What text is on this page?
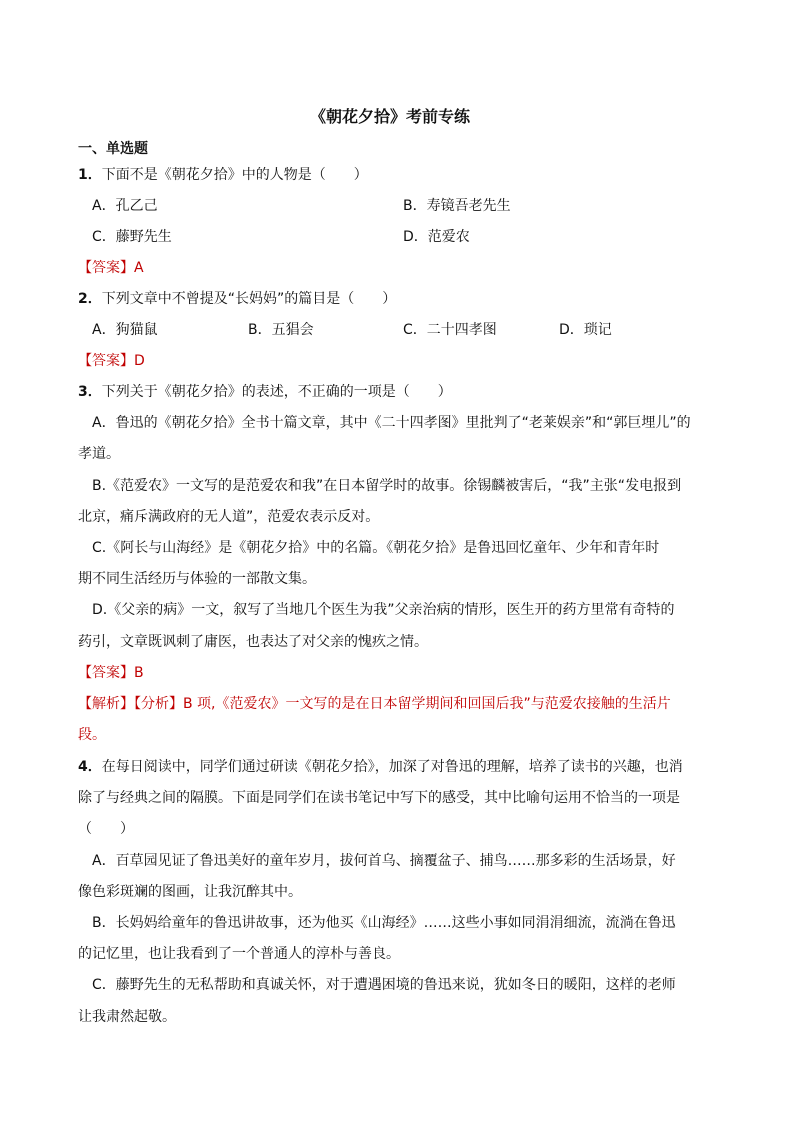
《朝花夕拾》考前专练
一、单选题
1．下面不是《朝花夕拾》中的人物是（　　）
A．孔乙己	B．寿镜吾老先生
C．藤野先生	D．范爱农
【答案】A
2．下列文章中不曾提及“长妈妈”的篇目是（　　）
A．狗猫鼠	B．五猖会	C．二十四孝图	D．琐记
【答案】D
3．下列关于《朝花夕拾》的表述，不正确的一项是（　　）
A．鲁迅的《朝花夕拾》全书十篇文章，其中《二十四孝图》里批判了“老莱娱亲”和“郭巨埋儿”的
孝道。
B.《范爱农》一文写的是范爱农和我”在日本留学时的故事。徐锡麟被害后，“我”主张“发电报到
北京，痛斥满政府的无人道”，范爱农表示反对。
C.《阿长与山海经》是《朝花夕拾》中的名篇。《朝花夕拾》是鲁迅回忆童年、少年和青年时
期不同生活经历与体验的一部散文集。
D.《父亲的病》一文，叙写了当地几个医生为我”父亲治病的情形，医生开的药方里常有奇特的
药引，文章既讽刺了庸医，也表达了对父亲的愧疚之情。
【答案】B
【解析】【分析】B 项,《范爱农》一文写的是在日本留学期间和回国后我”与范爱农接触的生活片
段。
4．在每日阅读中，同学们通过研读《朝花夕拾》，加深了对鲁迅的理解，培养了读书的兴趣，也消
除了与经典之间的隔膜。下面是同学们在读书笔记中写下的感受，其中比喻句运用不恰当的一项是
（　　）
A．百草园见证了鲁迅美好的童年岁月，拔何首乌、摘覆盆子、捕鸟……那多彩的生活场景，好
像色彩斑斓的图画，让我沉醉其中。
B．长妈妈给童年的鲁迅讲故事，还为他买《山海经》……这些小事如同涓涓细流，流淌在鲁迅
的记忆里，也让我看到了一个普通人的淳朴与善良。
C．藤野先生的无私帮助和真诚关怀，对于遭遇困境的鲁迅来说，犹如冬日的暖阳，这样的老师
让我肃然起敬。
